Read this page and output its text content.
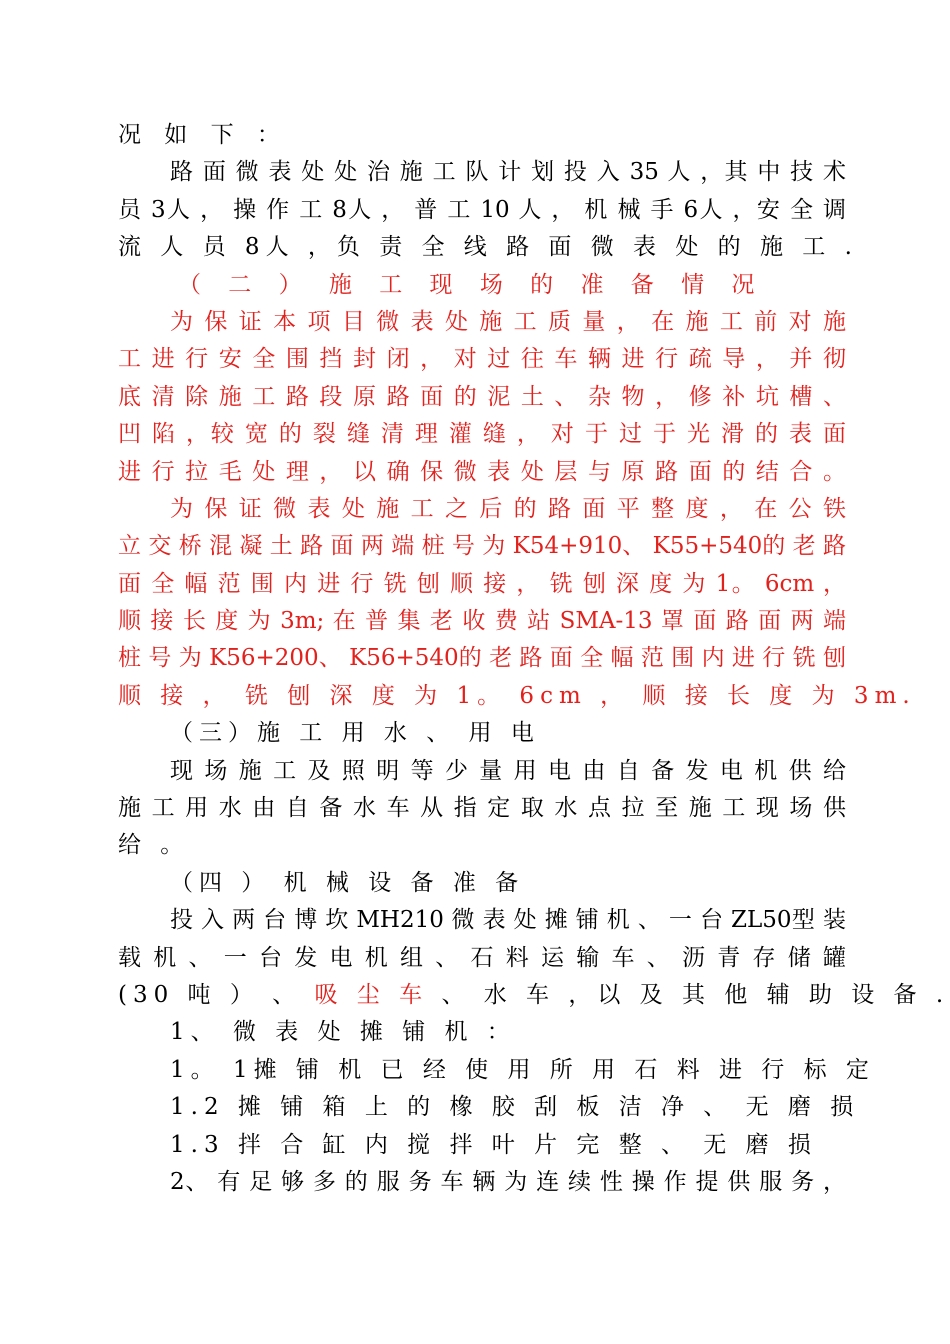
况 如 下 ：
路 面 微 表 处 处 治 施 工 队 计 划 投 入 35 人 ，其 中 技 术
员 3人 ， 操 作 工 8人 ， 普 工 10 人 ， 机 械 手 6人 ，安 全 调
流 人 员 8人 ，负 责 全 线 路 面 微 表 处 的 施 工 .
（ 二 ） 施 工 现 场 的 准 备 情 况
为 保 证 本 项 目 微 表 处 施 工 质 量 ， 在 施 工 前 对 施
工 进 行 安 全 围 挡 封 闭 ， 对 过 往 车 辆 进 行 疏 导 ， 并 彻
底 清 除 施 工 路 段 原 路 面 的 泥 土 、 杂 物 ， 修 补 坑 槽 、
凹 陷 ，较 宽 的 裂 缝 清 理 灌 缝 ， 对 于 过 于 光 滑 的 表 面
进 行 拉 毛 处 理 ， 以 确 保 微 表 处 层 与 原 路 面 的 结 合 。
为 保 证 微 表 处 施 工 之 后 的 路 面 平 整 度 ， 在 公 铁
立 交 桥 混 凝 土 路 面 两 端 桩 号 为 K54+910、 K55+540的 老 路
面 全 幅 范 围 内 进 行 铣 刨 顺 接 ， 铣 刨 深 度 为 1。 6cm ，
顺 接 长 度 为 3m; 在 普 集 老 收 费 站 SMA-13 罩 面 路 面 两 端
桩 号 为 K56+200、 K56+540的 老 路 面 全 幅 范 围 内 进 行 铣 刨
顺 接 ， 铣 刨 深 度 为 1。 6cm ， 顺 接 长 度 为 3m.
（三）施 工 用 水 、 用 电
现 场 施 工 及 照 明 等 少 量 用 电 由 自 备 发 电 机 供 给
施 工 用 水 由 自 备 水 车 从 指 定 取 水 点 拉 至 施 工 现 场 供
给 。
（四 ） 机 械 设 备 准 备
投 入 两 台 博 坎 MH210 微 表 处 摊 铺 机 、 一 台 ZL50型 装
载 机 、 一 台 发 电 机 组 、 石 料 运 输 车 、 沥 青 存 储 罐
(30 吨 ） 、 吸 尘 车 、 水 车 ，以 及 其 他 辅 助 设 备 .
1、 微 表 处 摊 铺 机 ：
1。 1摊 铺 机 已 经 使 用 所 用 石 料 进 行 标 定
1.2 摊 铺 箱 上 的 橡 胶 刮 板 洁 净 、 无 磨 损
1.3 拌 合 缸 内 搅 拌 叶 片 完 整 、 无 磨 损
2、 有 足 够 多 的 服 务 车 辆 为 连 续 性 操 作 提 供 服 务 ，
